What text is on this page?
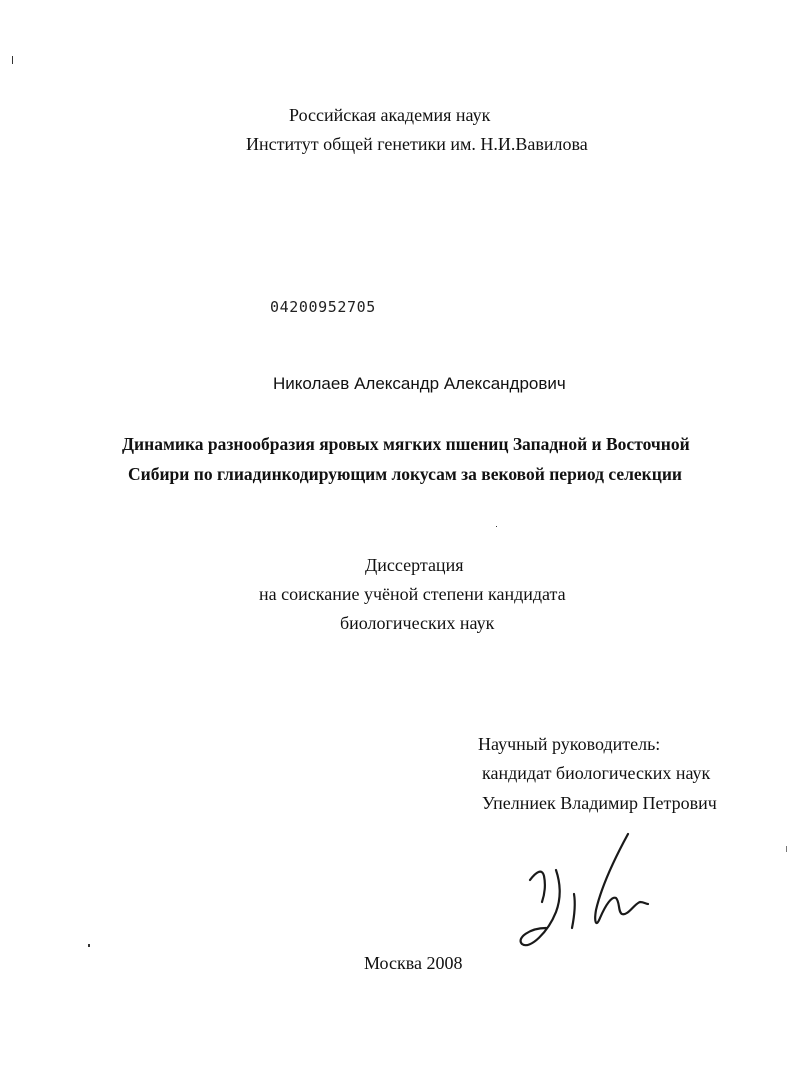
Российская академия наук
Институт общей генетики им. Н.И.Вавилова
04200952705
Николаев Александр Александрович
Динамика разнообразия яровых мягких пшениц Западной и Восточной
Сибири по глиадинкодирующим локусам за вековой период селекции
Диссертация
на соискание учёной степени кандидата
биологических наук
Научный руководитель:
кандидат биологических наук
Упелниек Владимир Петрович
Москва 2008
